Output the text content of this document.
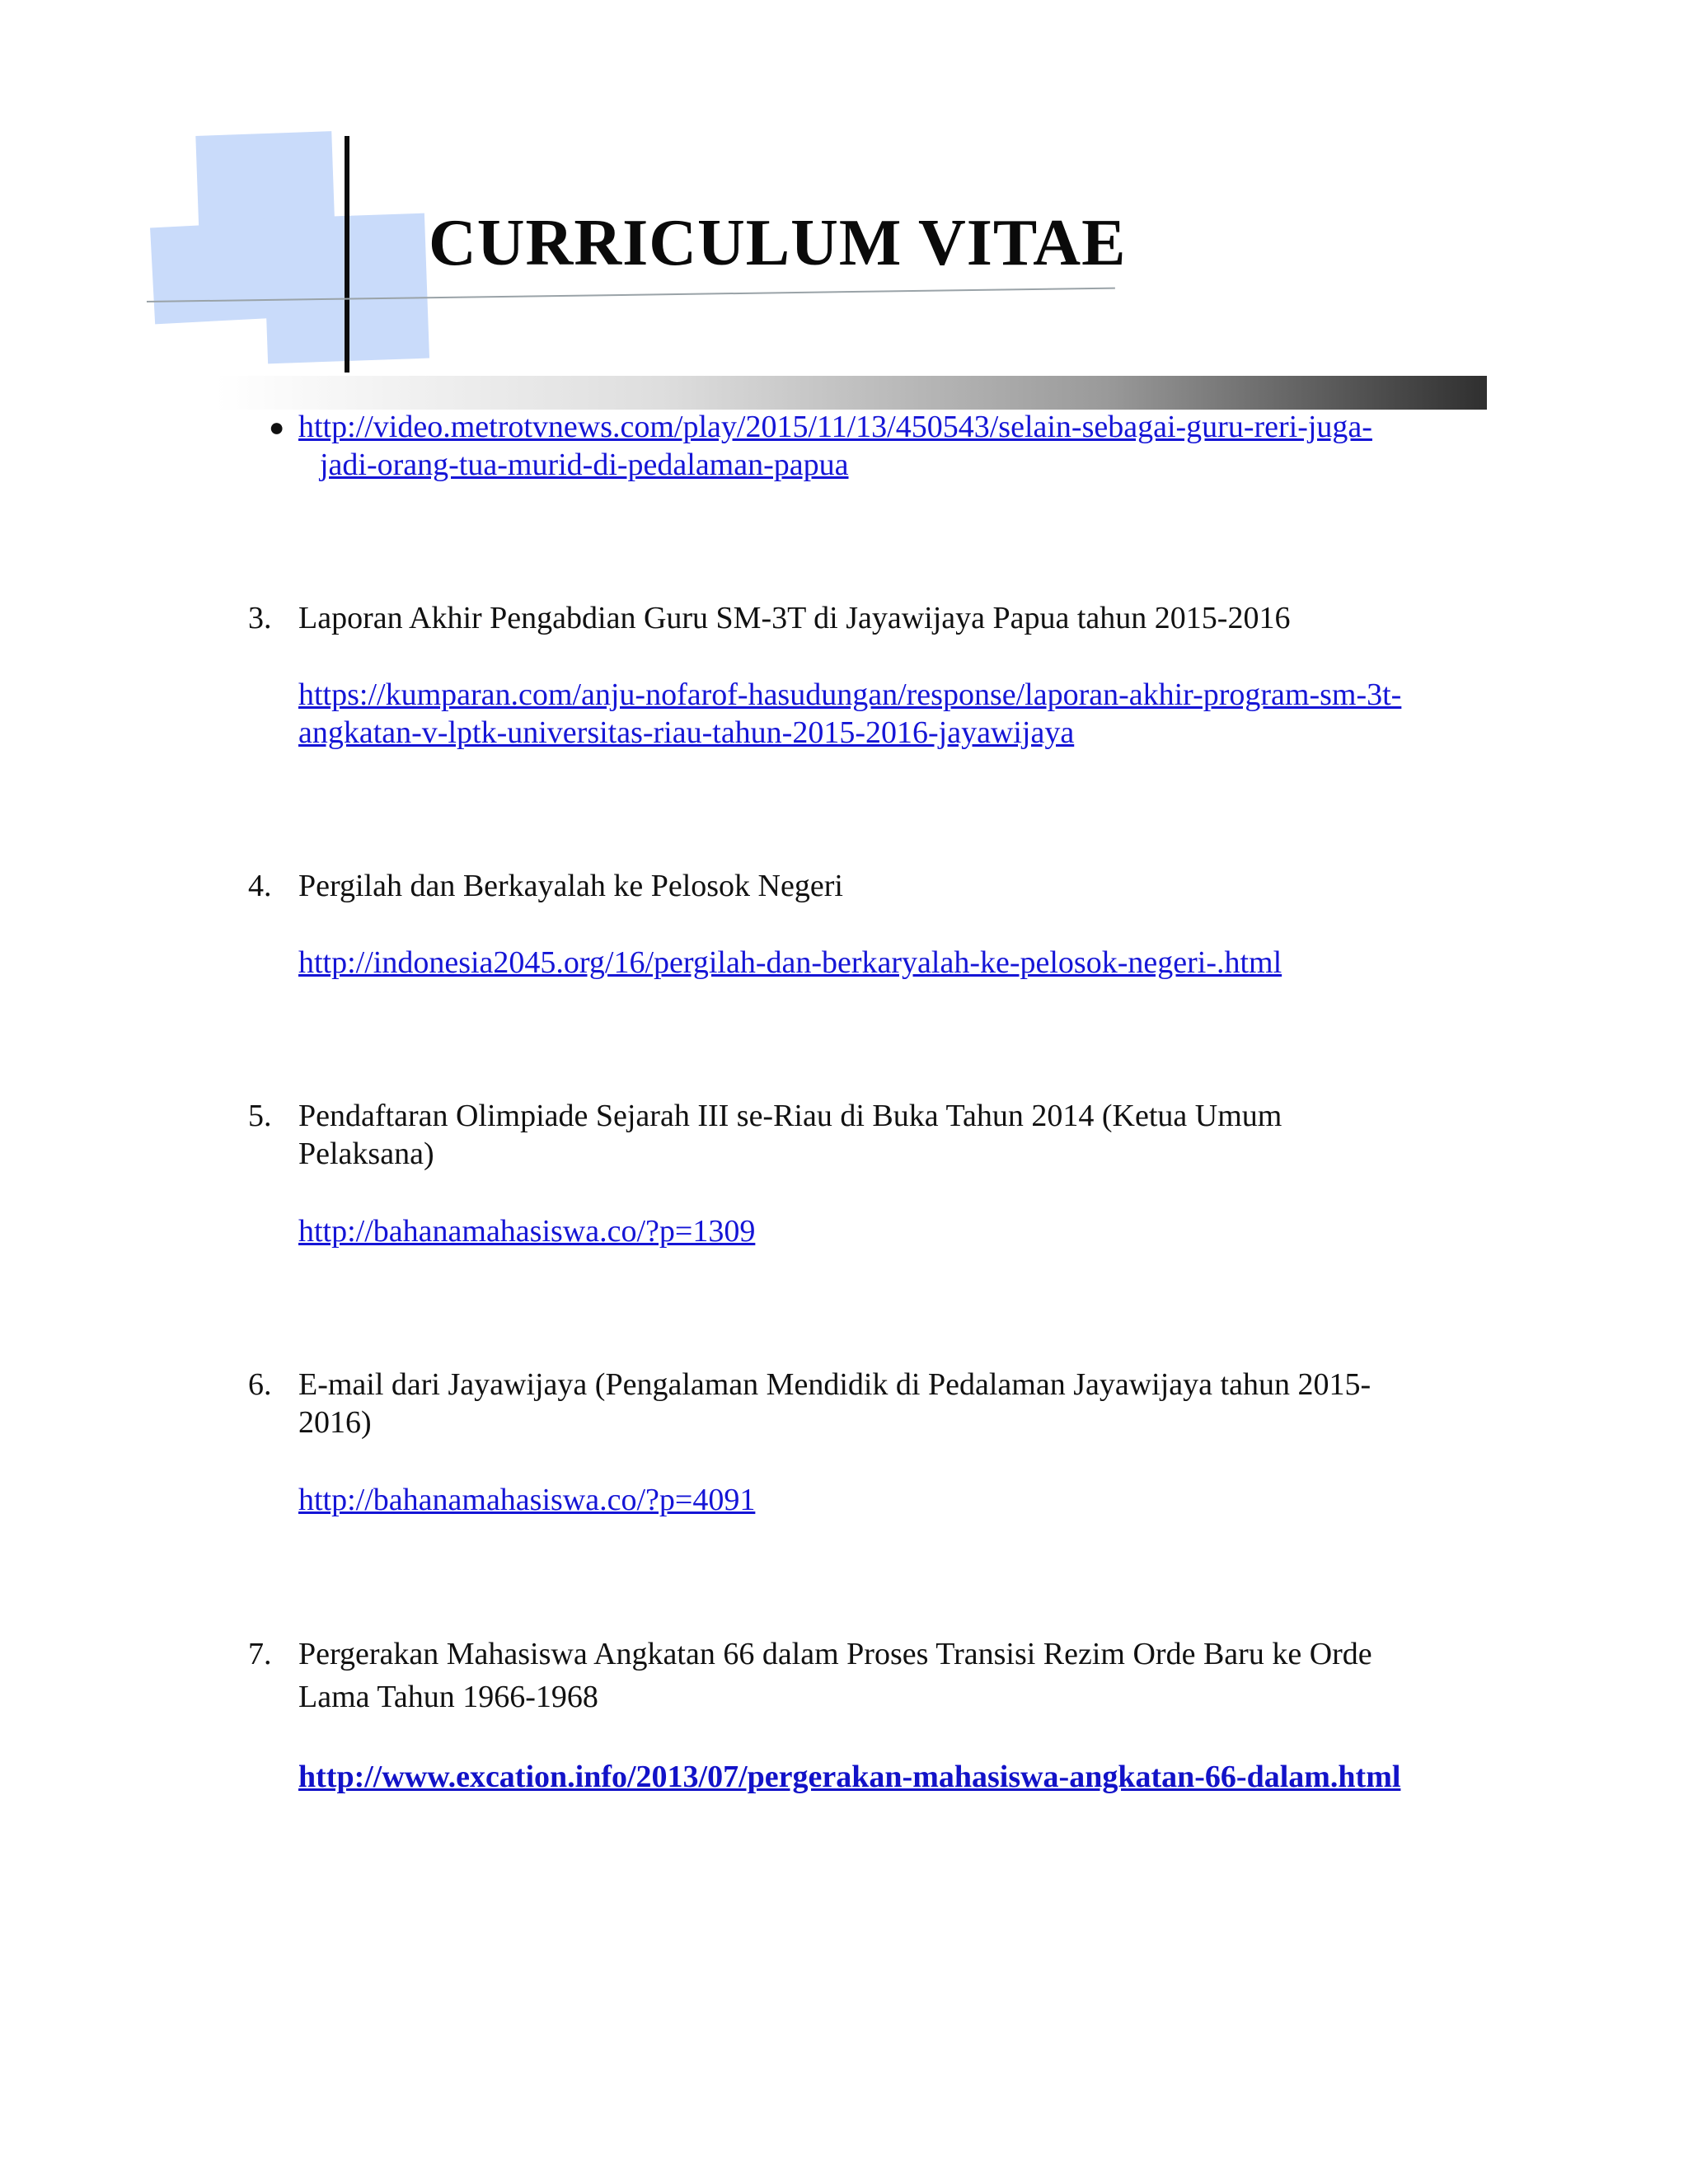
CURRICULUM VITAE
● http://video.metrotvnews.com/play/2015/11/13/450543/selain-sebagai-guru-reri-juga-
jadi-orang-tua-murid-di-pedalaman-papua
3. Laporan Akhir Pengabdian Guru SM-3T di Jayawijaya Papua tahun 2015-2016
https://kumparan.com/anju-nofarof-hasudungan/response/laporan-akhir-program-sm-3t-
angkatan-v-lptk-universitas-riau-tahun-2015-2016-jayawijaya
4. Pergilah dan Berkayalah ke Pelosok Negeri
http://indonesia2045.org/16/pergilah-dan-berkaryalah-ke-pelosok-negeri-.html
5. Pendaftaran Olimpiade Sejarah III se-Riau di Buka Tahun 2014 (Ketua Umum
Pelaksana)
http://bahanamahasiswa.co/?p=1309
6. E-mail dari Jayawijaya (Pengalaman Mendidik di Pedalaman Jayawijaya tahun 2015-
2016)
http://bahanamahasiswa.co/?p=4091
7. Pergerakan Mahasiswa Angkatan 66 dalam Proses Transisi Rezim Orde Baru ke Orde
Lama Tahun 1966-1968
http://www.excation.info/2013/07/pergerakan-mahasiswa-angkatan-66-dalam.html
